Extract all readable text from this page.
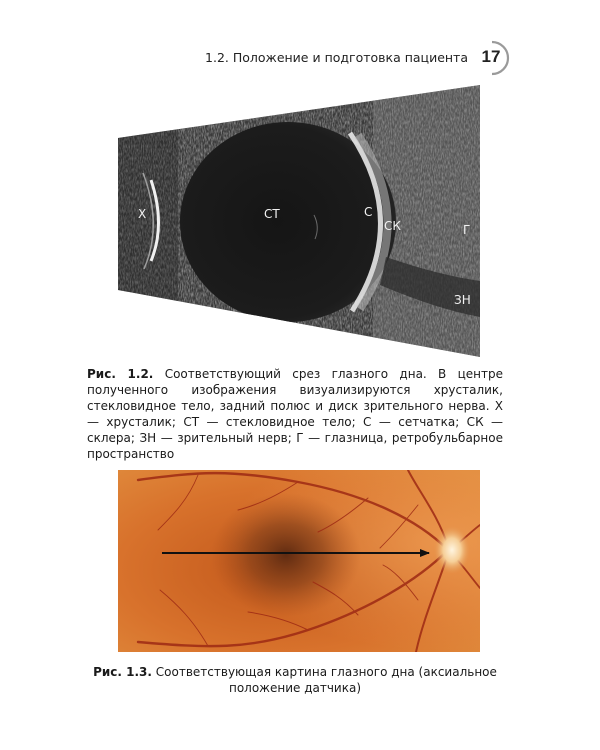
1.2. Положение и подготовка пациента 17
Х	СТ	С
СК	Г
ЗН
Рис. 1.2. Соответствующий срез глазного дна. В центре полученного изображения визуализируются хрусталик, стекловидное тело, задний полюс и диск зрительного нерва. Х — хрусталик; СТ — стекловидное тело; С — сетчатка; СК — склера; ЗН — зрительный нерв; Г — глазница, ретробульбарное пространство
Рис. 1.3. Соответствующая картина глазного дна (аксиальное положение датчика)
